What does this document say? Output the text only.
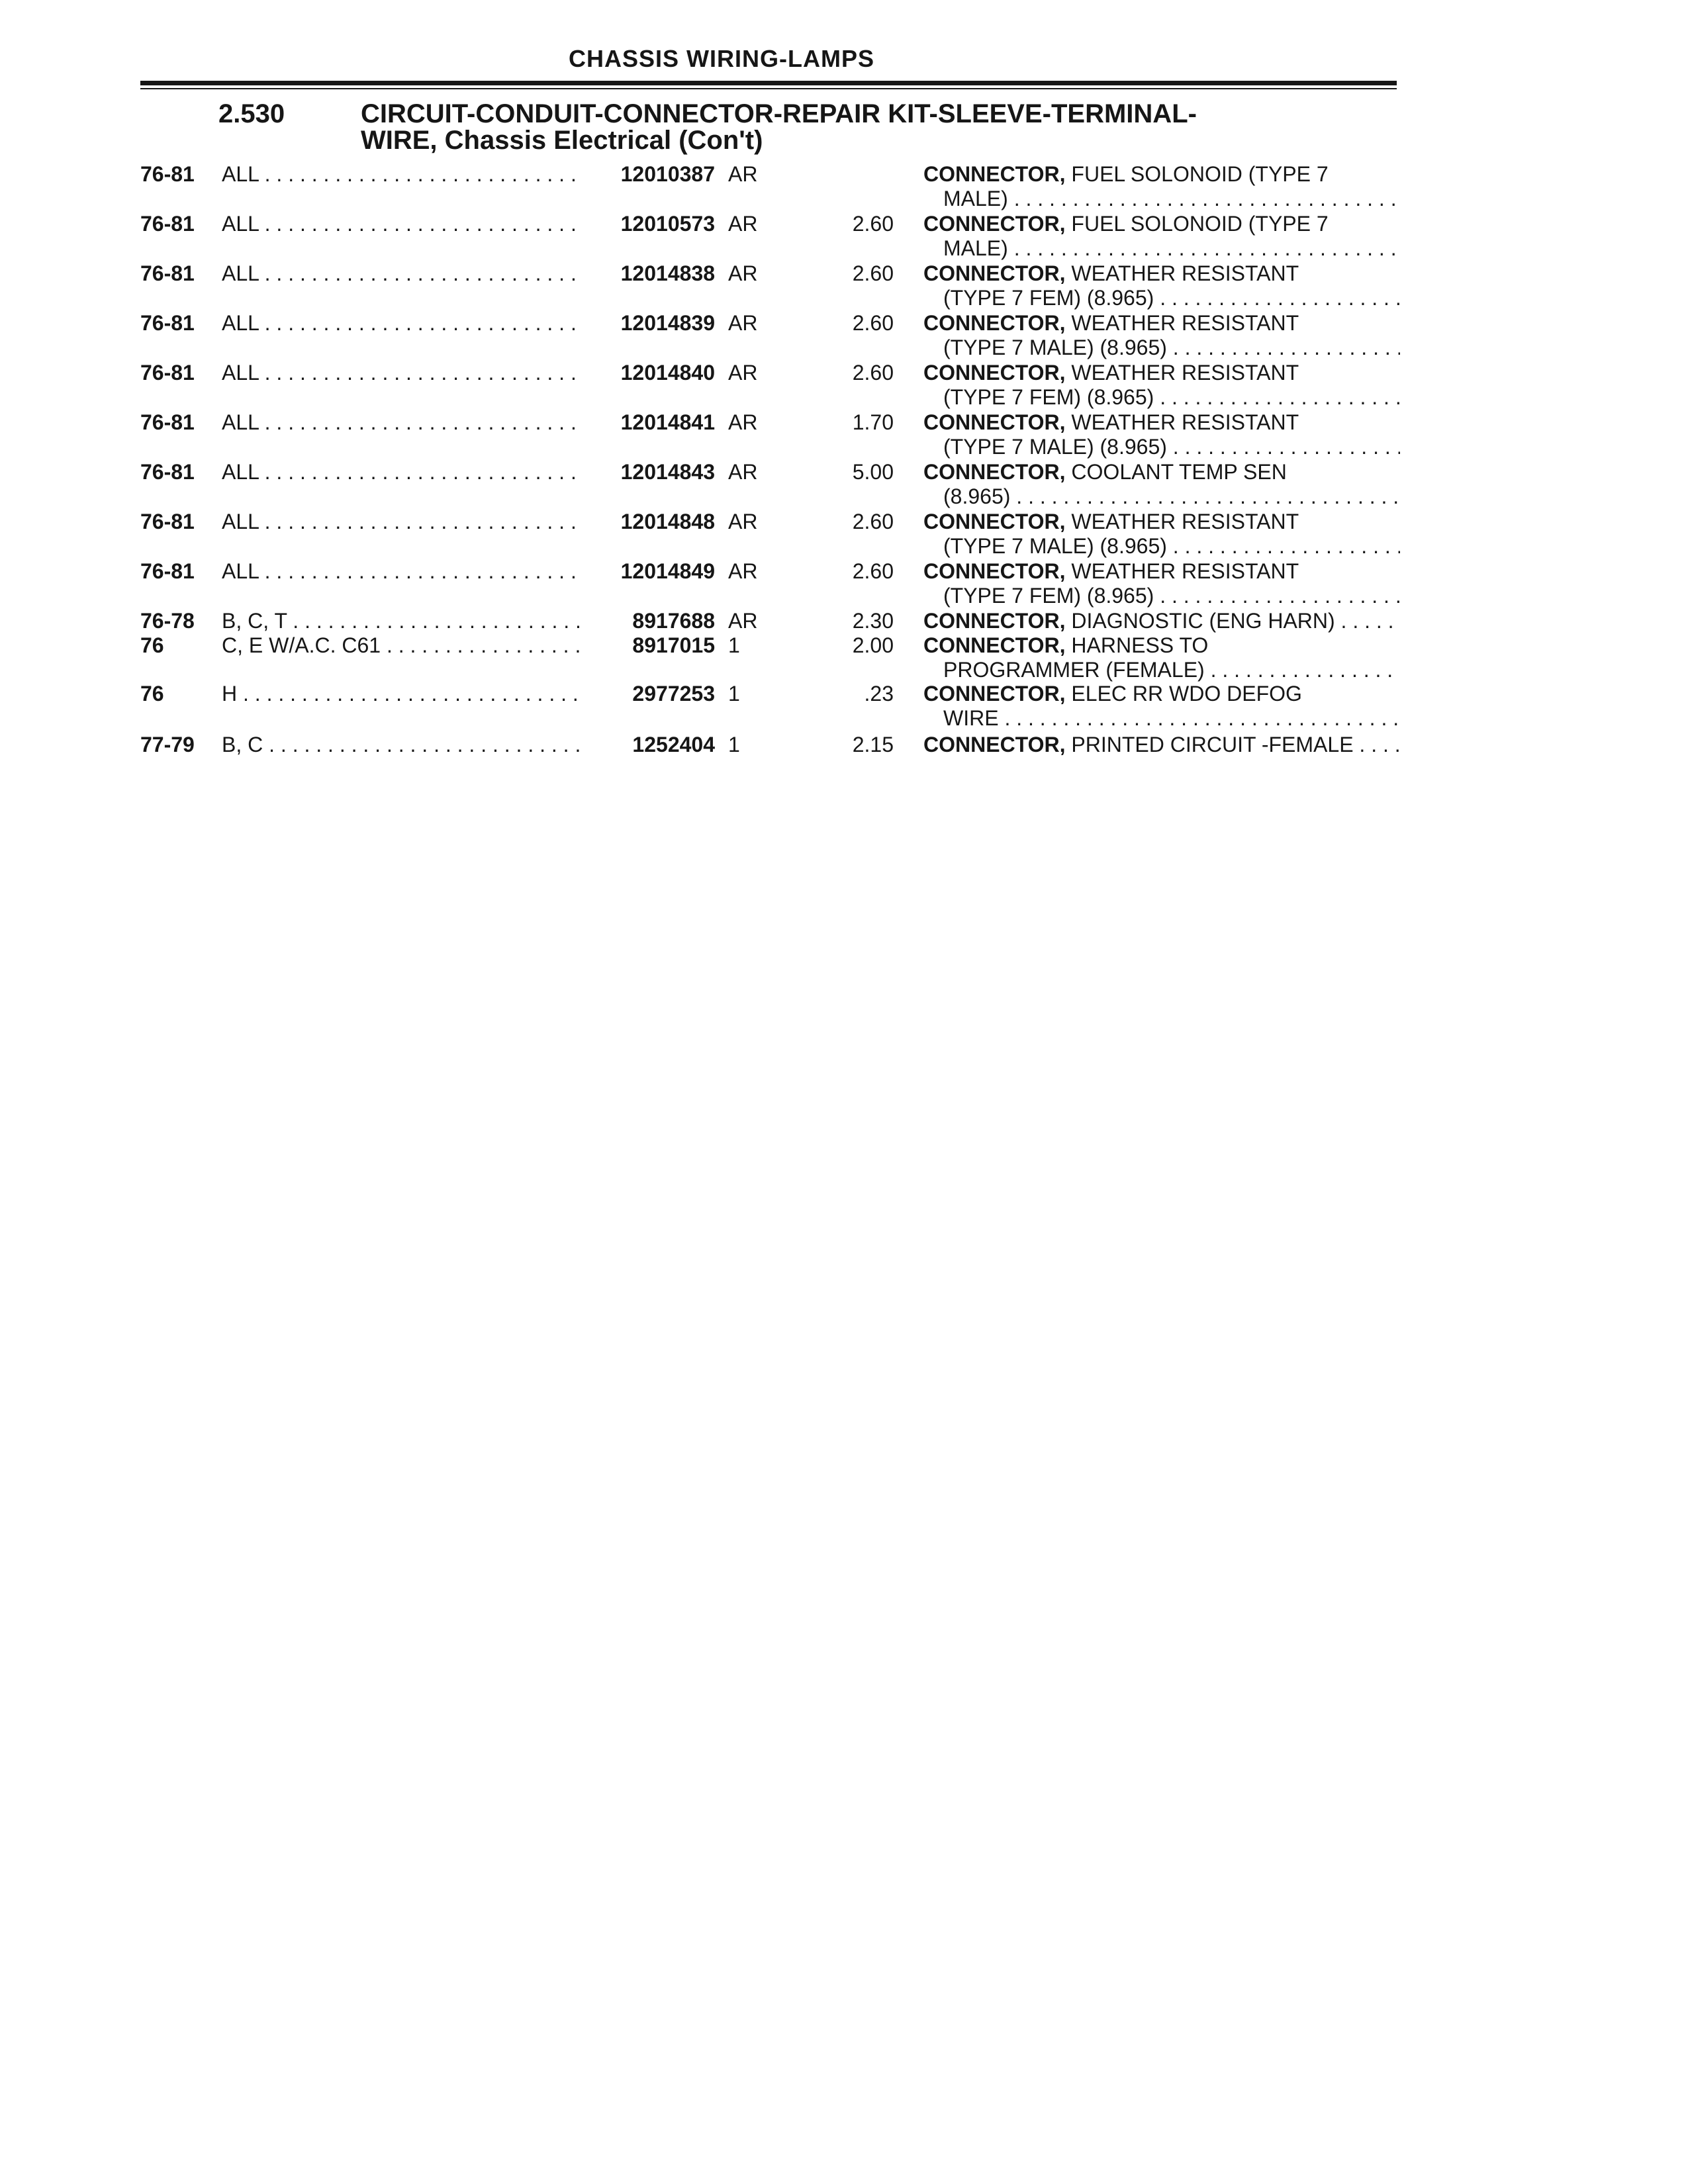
CHASSIS WIRING-LAMPS
2.530	CIRCUIT-CONDUIT-CONNECTOR-REPAIR KIT-SLEEVE-TERMINAL-
WIRE, Chassis Electrical (Con't)
76-81 ALL . . .	12010387 AR	CONNECTOR, FUEL SOLONOID (TYPE 7
MALE) . . .
76-81 ALL . . .	12010573 AR	2.60 CONNECTOR, FUEL SOLONOID (TYPE 7
MALE) . . .
76-81 ALL . . .	12014838 AR	2.60 CONNECTOR, WEATHER RESISTANT
(TYPE 7 FEM) (8.965) . . .
76-81 ALL . . .	12014839 AR	2.60 CONNECTOR, WEATHER RESISTANT
(TYPE 7 MALE) (8.965) . . .
76-81 ALL . . .	12014840 AR	2.60 CONNECTOR, WEATHER RESISTANT
(TYPE 7 FEM) (8.965) . . .
76-81 ALL . . .	12014841 AR	1.70 CONNECTOR, WEATHER RESISTANT
(TYPE 7 MALE) (8.965) . . .
76-81 ALL . . .	12014843 AR	5.00 CONNECTOR, COOLANT TEMP SEN
(8.965) . . .
76-81 ALL . . .	12014848 AR	2.60 CONNECTOR, WEATHER RESISTANT
(TYPE 7 MALE) (8.965) . . .
76-81 ALL . . .	12014849 AR	2.60 CONNECTOR, WEATHER RESISTANT
(TYPE 7 FEM) (8.965) . . .
76-78 B, C, T . . .	8917688 AR	2.30 CONNECTOR, DIAGNOSTIC (ENG HARN) . . .
76	C, E W/A.C. C61 . . .	8917015 1	2.00 CONNECTOR, HARNESS TO
PROGRAMMER (FEMALE) . . .
76	H . . .	2977253 1	.23 CONNECTOR, ELEC RR WDO DEFOG
WIRE . . .
77-79 B, C . . .	1252404 1	2.15 CONNECTOR, PRINTED CIRCUIT -FEMALE . . .
